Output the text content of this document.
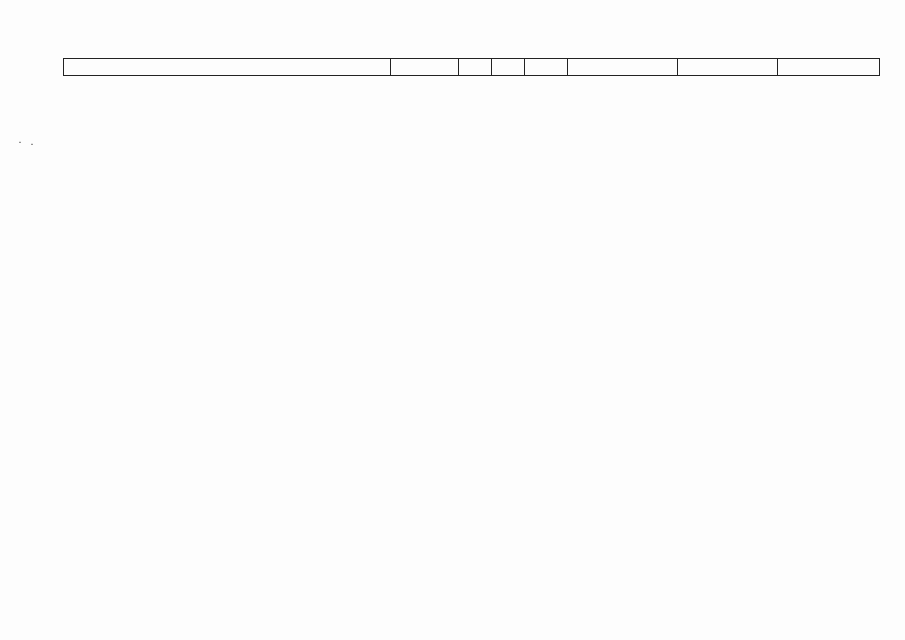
· ·
